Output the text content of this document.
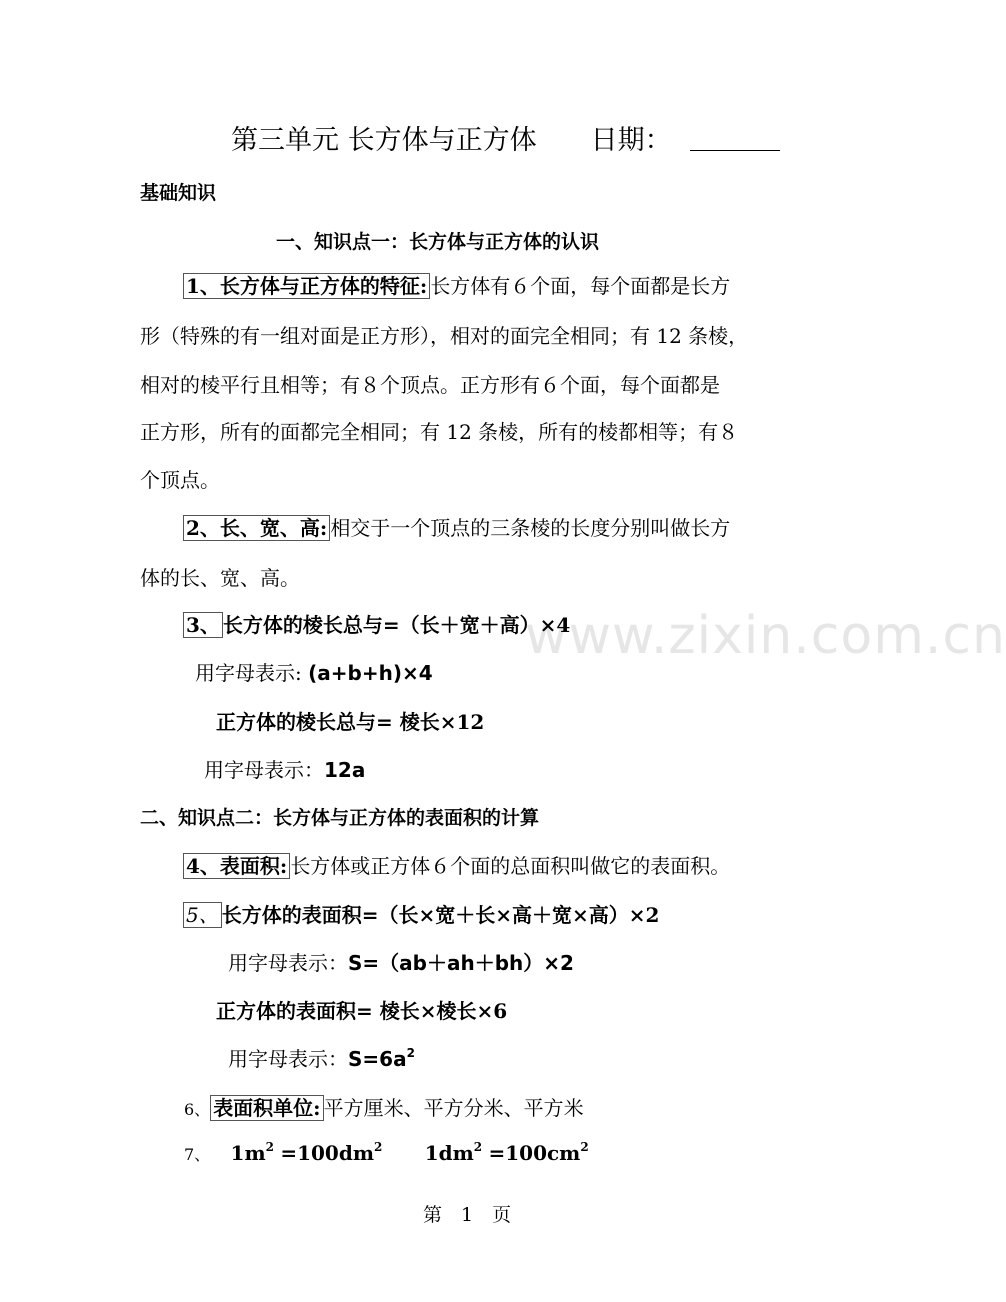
www.zixin.com.cn
第三单元 长方体与正方体　　日期：
基础知识
一、知识点一：长方体与正方体的认识
1、长方体与正方体的特征: 长方体有６个面，每个面都是长方
形（特殊的有一组对面是正方形），相对的面完全相同；有 12 条棱，
相对的棱平行且相等；有８个顶点。正方形有６个面，每个面都是
正方形，所有的面都完全相同；有 12 条棱，所有的棱都相等；有８
个顶点。
2、长、宽、高: 相交于一个顶点的三条棱的长度分别叫做长方
体的长、宽、高。
3、 长方体的棱长总与=（长＋宽＋高）×4
用字母表示: (a+b+h)×4
正方体的棱长总与= 棱长×12
用字母表示：12a
二、知识点二：长方体与正方体的表面积的计算
4、表面积: 长方体或正方体６个面的总面积叫做它的表面积。
5、 长方体的表面积=（长×宽＋长×高＋宽×高）×2
用字母表示：S=（ab＋ah＋bh）×2
正方体的表面积= 棱长×棱长×6
用字母表示：$S=6a^2$
6、 表面积单位: 平方厘米、平方分米、平方米
7、 $1m^2 =100dm^2$ $1dm^2 =100cm^2$
第　1　页
